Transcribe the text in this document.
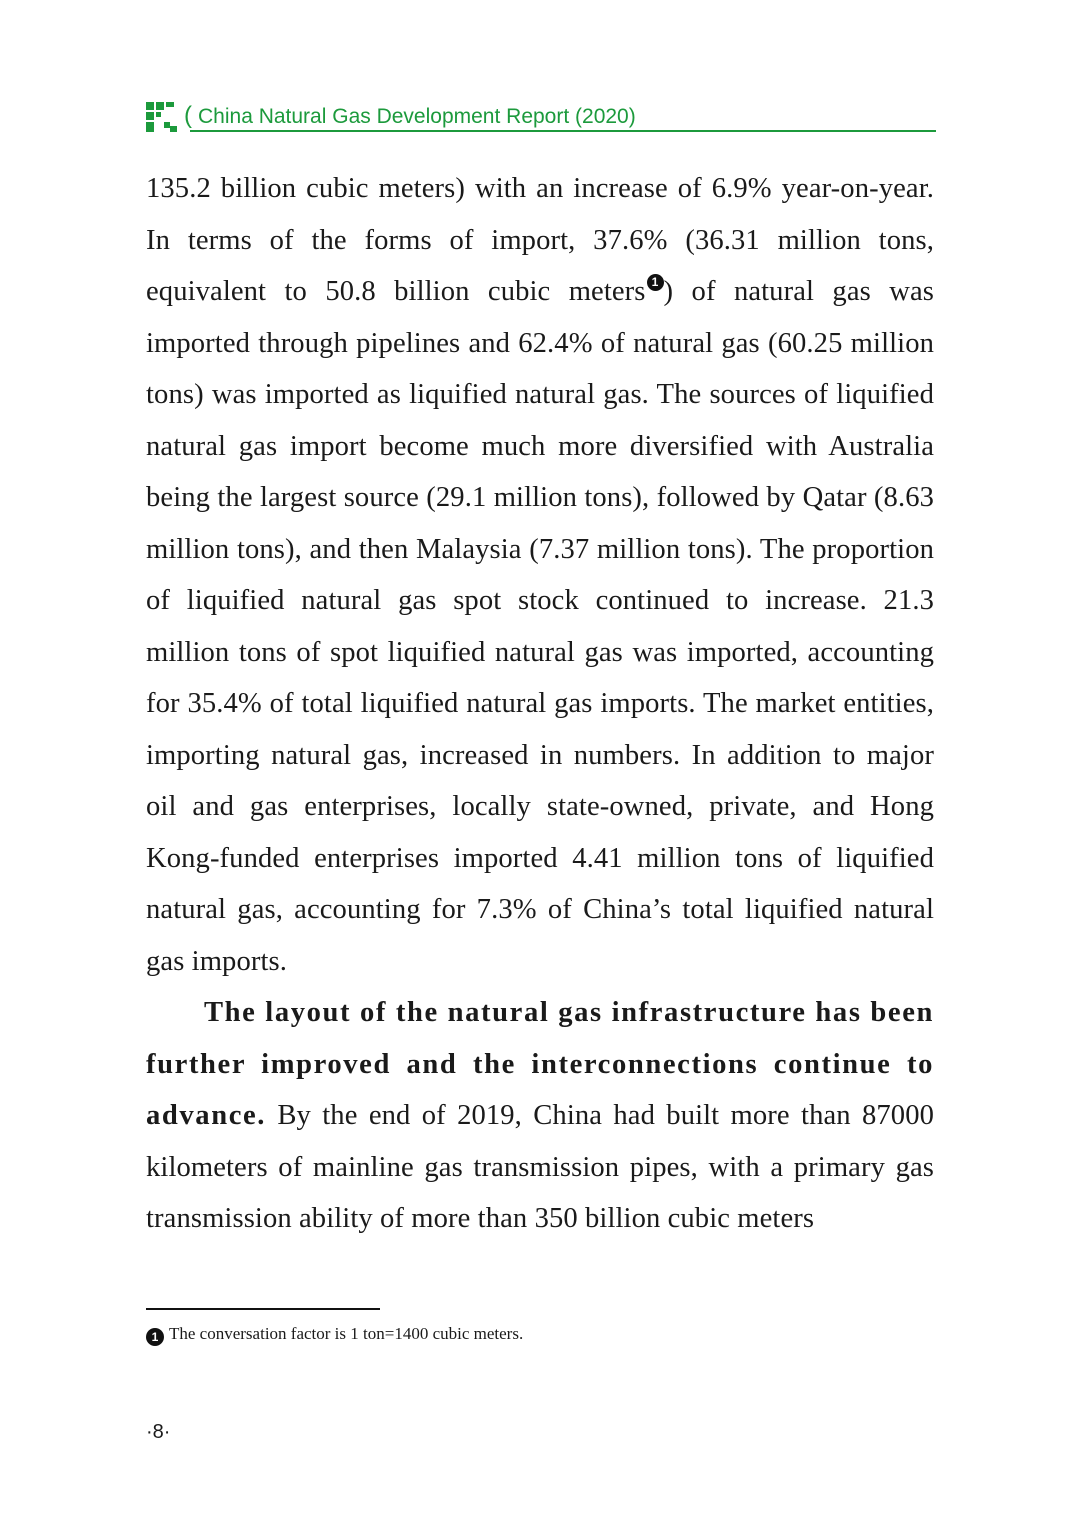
( China Natural Gas Development Report (2020)

135.2 billion cubic meters) with an increase of 6.9% year-on-year. In terms of the forms of import, 37.6% (36.31 million tons, equivalent to 50.8 billion cubic meters 1 ) of natural gas was imported through pipelines and 62.4% of natural gas (60.25 million tons) was imported as liquified natural gas. The sources of liquified natural gas import become much more diversified with Australia being the largest source (29.1 million tons), followed by Qatar (8.63 million tons), and then Malaysia (7.37 million tons). The proportion of liquified natural gas spot stock continued to increase. 21.3 million tons of spot liquified natural gas was imported, accounting for 35.4% of total liquified natural gas imports. The market entities, importing natural gas, increased in numbers. In addition to major oil and gas enterprises, locally state-owned, private, and Hong Kong-funded enterprises imported 4.41 million tons of liquified natural gas, accounting for 7.3% of China’s total liquified natural gas imports.

The layout of the natural gas infrastructure has been further improved and the interconnections continue to advance. By the end of 2019, China had built more than 87000 kilometers of mainline gas transmission pipes, with a primary gas transmission ability of more than 350 billion cubic meters

1 The conversation factor is 1 ton=1400 cubic meters.
·8·
